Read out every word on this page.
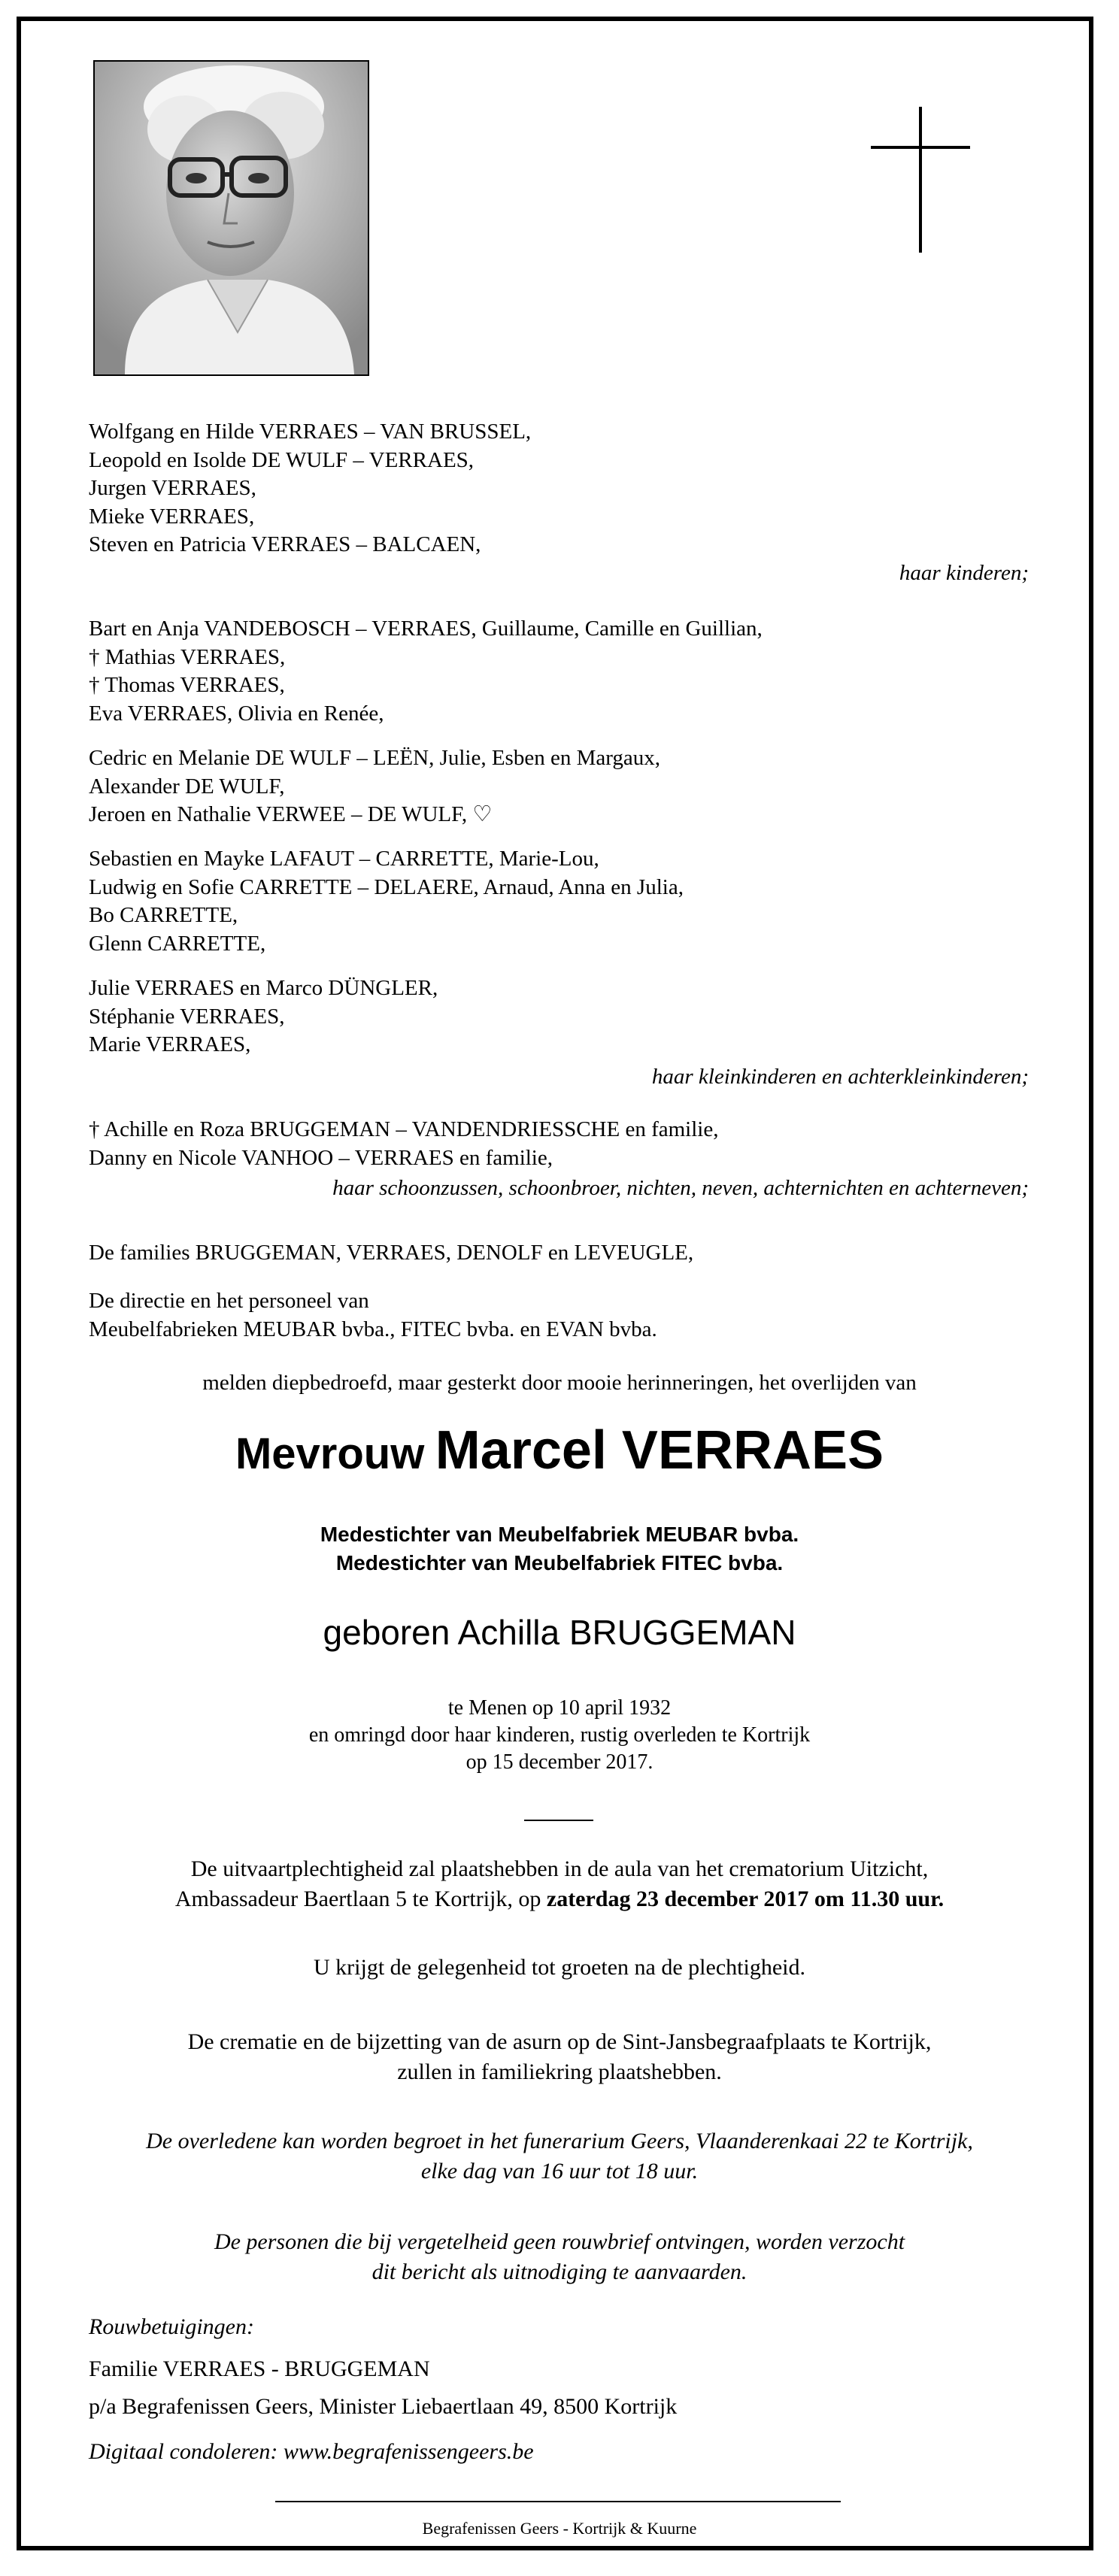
Wolfgang en Hilde VERRAES – VAN BRUSSEL,
Leopold en Isolde DE WULF – VERRAES,
Jurgen VERRAES,
Mieke VERRAES,
Steven en Patricia VERRAES – BALCAEN,
haar kinderen;
Bart en Anja VANDEBOSCH – VERRAES, Guillaume, Camille en Guillian,
† Mathias VERRAES,
† Thomas VERRAES,
Eva VERRAES, Olivia en Renée,
Cedric en Melanie DE WULF – LEËN, Julie, Esben en Margaux,
Alexander DE WULF,
Jeroen en Nathalie VERWEE – DE WULF, ♡
Sebastien en Mayke LAFAUT – CARRETTE, Marie-Lou,
Ludwig en Sofie CARRETTE – DELAERE, Arnaud, Anna en Julia,
Bo CARRETTE,
Glenn CARRETTE,
Julie VERRAES en Marco DÜNGLER,
Stéphanie VERRAES,
Marie VERRAES,
haar kleinkinderen en achterkleinkinderen;
† Achille en Roza BRUGGEMAN – VANDENDRIESSCHE en familie,
Danny en Nicole VANHOO – VERRAES en familie,
haar schoonzussen, schoonbroer, nichten, neven, achternichten en achterneven;
De families BRUGGEMAN, VERRAES, DENOLF en LEVEUGLE,
De directie en het personeel van
Meubelfabrieken MEUBAR bvba., FITEC bvba. en EVAN bvba.
melden diepbedroefd, maar gesterkt door mooie herinneringen, het overlijden van
Mevrouw Marcel VERRAES
Medestichter van Meubelfabriek MEUBAR bvba.
Medestichter van Meubelfabriek FITEC bvba.
geboren Achilla BRUGGEMAN
te Menen op 10 april 1932
en omringd door haar kinderen, rustig overleden te Kortrijk
op 15 december 2017.
De uitvaartplechtigheid zal plaatshebben in de aula van het crematorium Uitzicht,
Ambassadeur Baertlaan 5 te Kortrijk, op zaterdag 23 december 2017 om 11.30 uur.
U krijgt de gelegenheid tot groeten na de plechtigheid.
De crematie en de bijzetting van de asurn op de Sint-Jansbegraafplaats te Kortrijk,
zullen in familiekring plaatshebben.
De overledene kan worden begroet in het funerarium Geers, Vlaanderenkaai 22 te Kortrijk,
elke dag van 16 uur tot 18 uur.
De personen die bij vergetelheid geen rouwbrief ontvingen, worden verzocht
dit bericht als uitnodiging te aanvaarden.
Rouwbetuigingen:
Familie VERRAES - BRUGGEMAN
p/a Begrafenissen Geers, Minister Liebaertlaan 49, 8500 Kortrijk
Digitaal condoleren: www.begrafenissengeers.be
Begrafenissen Geers - Kortrijk & Kuurne
